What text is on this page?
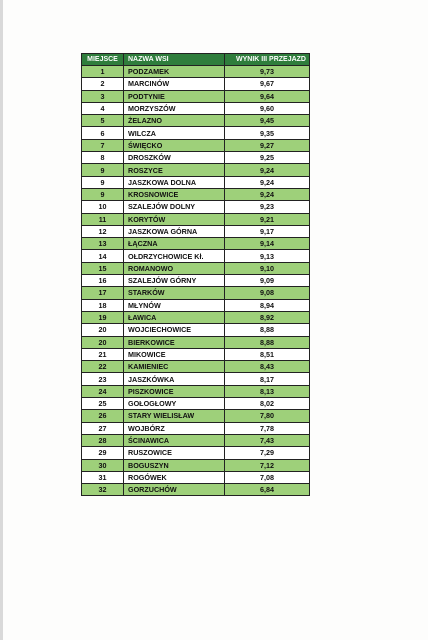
MIEJSCE	NAZWA WSI	WYNIK III PRZEJAZD
1	PODZAMEK	9,73
2	MARCINÓW	9,67
3	PODTYNIE	9,64
4	MORZYSZÓW	9,60
5	ŻELAZNO	9,45
6	WILCZA	9,35
7	ŚWIĘCKO	9,27
8	DROSZKÓW	9,25
9	ROSZYCE	9,24
9	JASZKOWA DOLNA	9,24
9	KROSNOWICE	9,24
10	SZALEJÓW DOLNY	9,23
11	KORYTÓW	9,21
12	JASZKOWA GÓRNA	9,17
13	ŁĄCZNA	9,14
14	OŁDRZYCHOWICE Kł.	9,13
15	ROMANOWO	9,10
16	SZALEJÓW GÓRNY	9,09
17	STARKÓW	9,08
18	MŁYNÓW	8,94
19	ŁAWICA	8,92
20	WOJCIECHOWICE	8,88
20	BIERKOWICE	8,88
21	MIKOWICE	8,51
22	KAMIENIEC	8,43
23	JASZKÓWKA	8,17
24	PISZKOWICE	8,13
25	GOŁOGŁOWY	8,02
26	STARY WIELISŁAW	7,80
27	WOJBÓRZ	7,78
28	ŚCINAWICA	7,43
29	RUSZOWICE	7,29
30	BOGUSZYN	7,12
31	ROGÓWEK	7,08
32	GORZUCHÓW	6,84
